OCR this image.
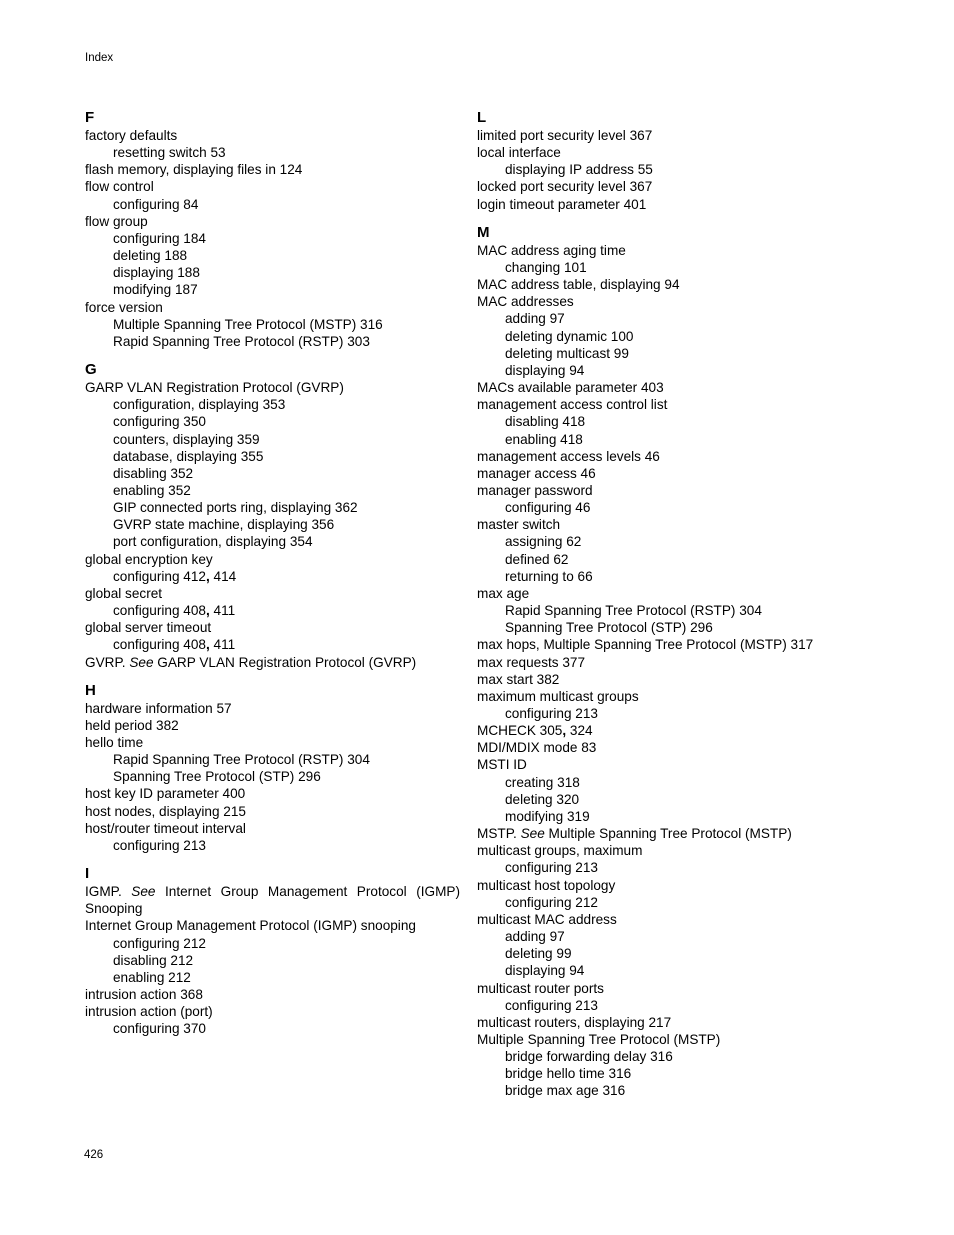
Index
F
factory defaults
resetting switch 53
flash memory, displaying files in 124
flow control
configuring 84
flow group
configuring 184
deleting 188
displaying 188
modifying 187
force version
Multiple Spanning Tree Protocol (MSTP) 316
Rapid Spanning Tree Protocol (RSTP) 303
G
GARP VLAN Registration Protocol (GVRP)
configuration, displaying 353
configuring 350
counters, displaying 359
database, displaying 355
disabling 352
enabling 352
GIP connected ports ring, displaying 362
GVRP state machine, displaying 356
port configuration, displaying 354
global encryption key
configuring 412, 414
global secret
configuring 408, 411
global server timeout
configuring 408, 411
GVRP. See GARP VLAN Registration Protocol (GVRP)
H
hardware information 57
held period 382
hello time
Rapid Spanning Tree Protocol (RSTP) 304
Spanning Tree Protocol (STP) 296
host key ID parameter 400
host nodes, displaying 215
host/router timeout interval
configuring 213
I
IGMP. See Internet Group Management Protocol (IGMP) Snooping
Internet Group Management Protocol (IGMP) snooping
configuring 212
disabling 212
enabling 212
intrusion action 368
intrusion action (port)
configuring 370
L
limited port security level 367
local interface
displaying IP address 55
locked port security level 367
login timeout parameter 401
M
MAC address aging time
changing 101
MAC address table, displaying 94
MAC addresses
adding 97
deleting dynamic 100
deleting multicast 99
displaying 94
MACs available parameter 403
management access control list
disabling 418
enabling 418
management access levels 46
manager access 46
manager password
configuring 46
master switch
assigning 62
defined 62
returning to 66
max age
Rapid Spanning Tree Protocol (RSTP) 304
Spanning Tree Protocol (STP) 296
max hops, Multiple Spanning Tree Protocol (MSTP) 317
max requests 377
max start 382
maximum multicast groups
configuring 213
MCHECK 305, 324
MDI/MDIX mode 83
MSTI ID
creating 318
deleting 320
modifying 319
MSTP. See Multiple Spanning Tree Protocol (MSTP)
multicast groups, maximum
configuring 213
multicast host topology
configuring 212
multicast MAC address
adding 97
deleting 99
displaying 94
multicast router ports
configuring 213
multicast routers, displaying 217
Multiple Spanning Tree Protocol (MSTP)
bridge forwarding delay 316
bridge hello time 316
bridge max age 316
426
